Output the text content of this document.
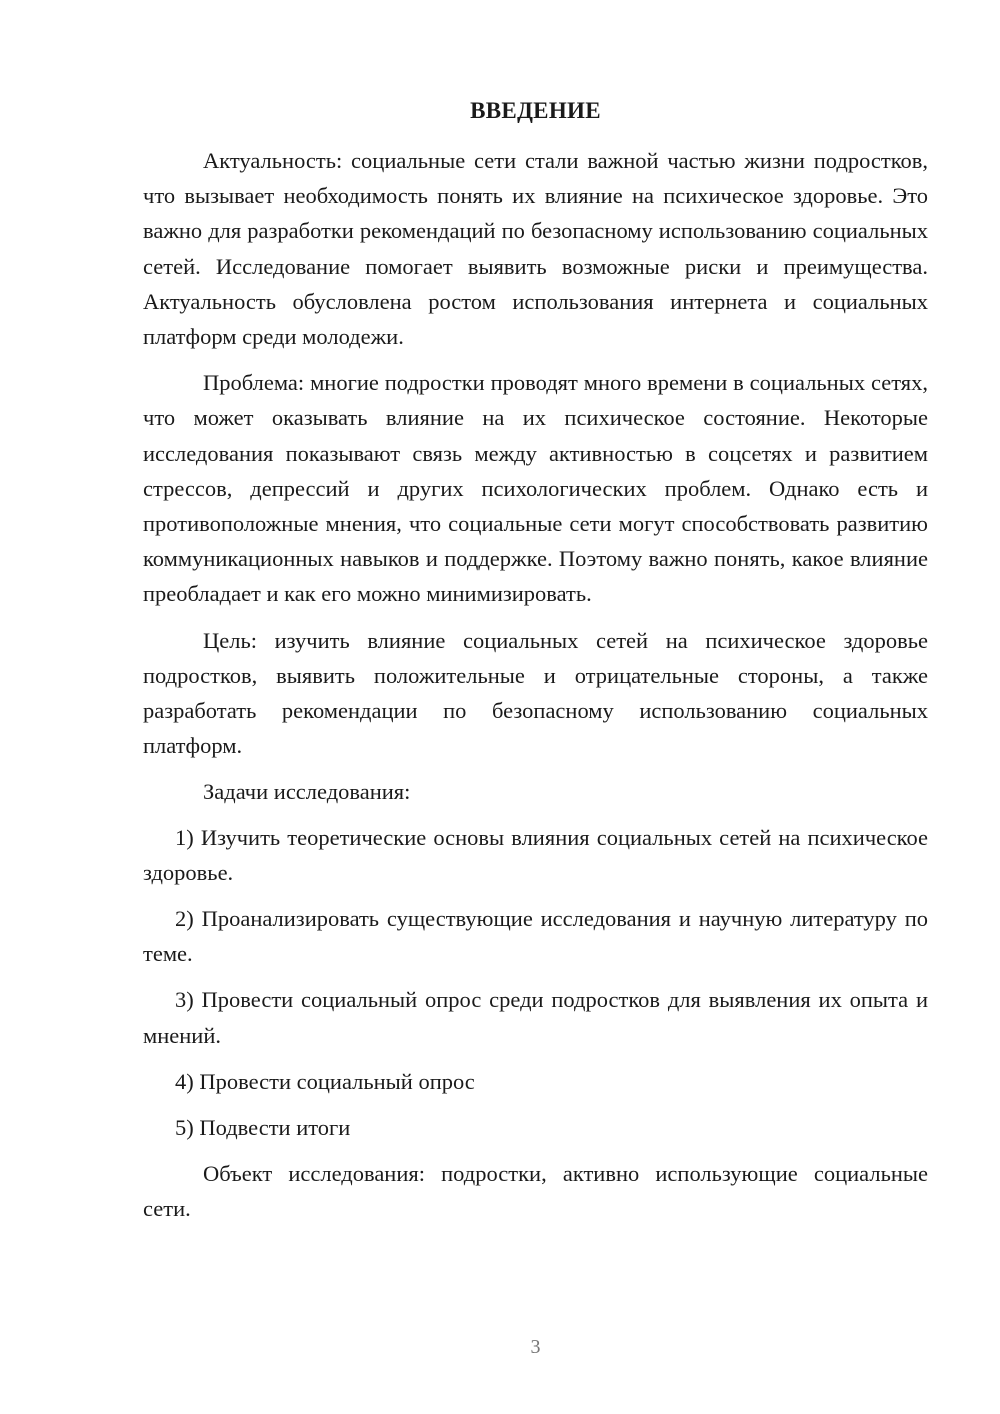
ВВЕДЕНИЕ

Актуальность: социальные сети стали важной частью жизни подростков, что вызывает необходимость понять их влияние на психическое здоровье. Это важно для разработки рекомендаций по безопасному использованию социальных сетей. Исследование помогает выявить возможные риски и преимущества. Актуальность обусловлена ростом использования интернета и социальных платформ среди молодежи.

Проблема: многие подростки проводят много времени в социальных сетях, что может оказывать влияние на их психическое состояние. Некоторые исследования показывают связь между активностью в соцсетях и развитием стрессов, депрессий и других психологических проблем. Однако есть и противоположные мнения, что социальные сети могут способствовать развитию коммуникационных навыков и поддержке. Поэтому важно понять, какое влияние преобладает и как его можно минимизировать.

Цель: изучить влияние социальных сетей на психическое здоровье подростков, выявить положительные и отрицательные стороны, а также разработать рекомендации по безопасному использованию социальных платформ.

Задачи исследования:

1) Изучить теоретические основы влияния социальных сетей на психическое здоровье.

2) Проанализировать существующие исследования и научную литературу по теме.

3) Провести социальный опрос среди подростков для выявления их опыта и мнений.

4) Провести социальный опрос

5) Подвести итоги

Объект исследования: подростки, активно использующие социальные сети.

3
